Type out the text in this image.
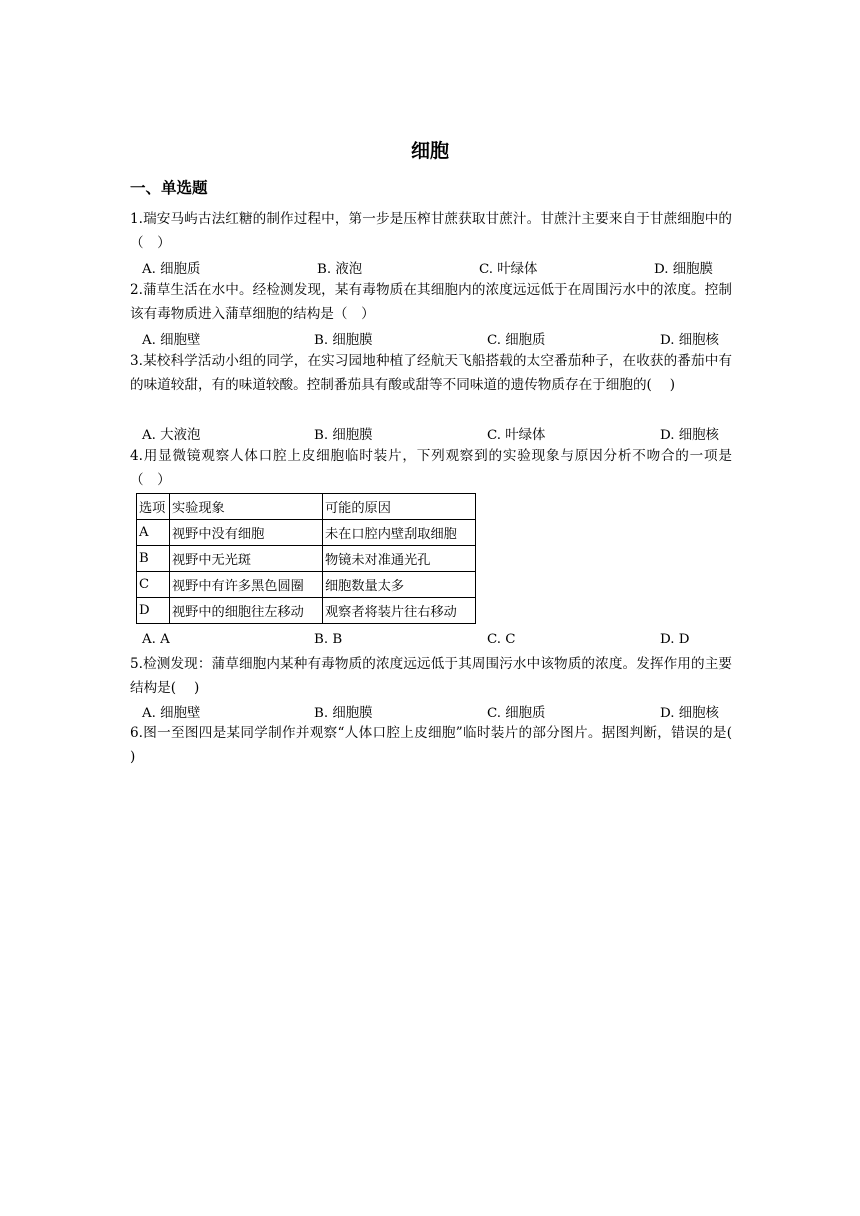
细胞
一、单选题
1.瑞安马屿古法红糖的制作过程中，第一步是压榨甘蔗获取甘蔗汁。甘蔗汁主要来自于甘蔗细胞中的（　）
A. 细胞质	B. 液泡	C. 叶绿体	D. 细胞膜
2.蒲草生活在水中。经检测发现，某有毒物质在其细胞内的浓度远远低于在周围污水中的浓度。控制该有毒物质进入蒲草细胞的结构是（　）
A. 细胞壁	B. 细胞膜	C. 细胞质	D. 细胞核
3.某校科学活动小组的同学，在实习园地种植了经航天飞船搭载的太空番茄种子，在收获的番茄中有的味道较甜，有的味道较酸。控制番茄具有酸或甜等不同味道的遗传物质存在于细胞的(　 )
A. 大液泡	B. 细胞膜	C. 叶绿体	D. 细胞核
4.用显微镜观察人体口腔上皮细胞临时装片，下列观察到的实验现象与原因分析不吻合的一项是（　）
选项	实验现象	可能的原因
A	视野中没有细胞	未在口腔内壁刮取细胞
B	视野中无光斑	物镜未对准通光孔
C	视野中有许多黑色圆圈	细胞数量太多
D	视野中的细胞往左移动	观察者将装片往右移动
A. A	B. B	C. C	D. D
5.检测发现：蒲草细胞内某种有毒物质的浓度远远低于其周围污水中该物质的浓度。发挥作用的主要结构是(　 )
A. 细胞壁	B. 细胞膜	C. 细胞质	D. 细胞核
6.图一至图四是某同学制作并观察“人体口腔上皮细胞”临时装片的部分图片。据图判断，错误的是(　 )
